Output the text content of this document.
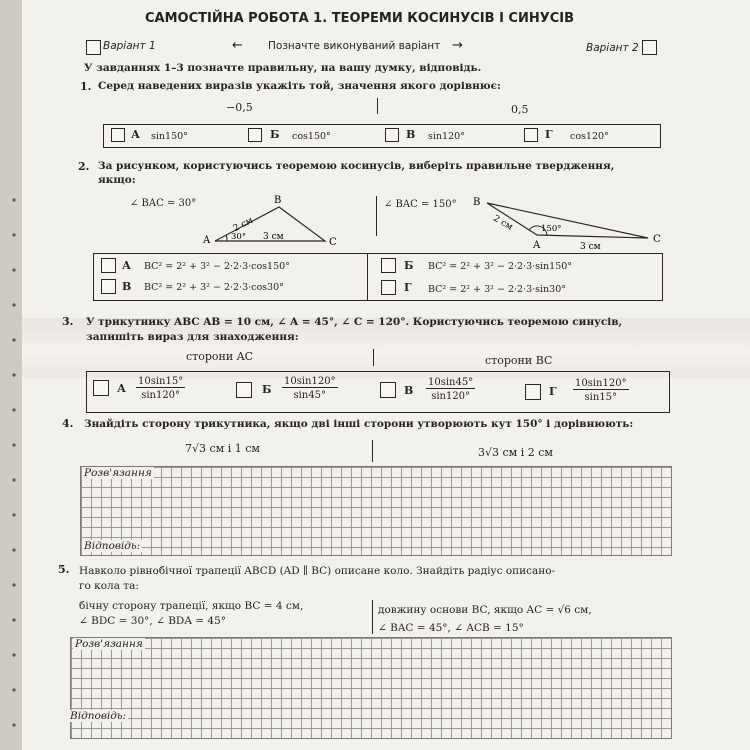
САМОСТІЙНА РОБОТА 1. ТЕОРЕМИ КОСИНУСІВ І СИНУСІВ
Варіант 1	← Позначте виконуваний варіант →	Варіант 2
У завданнях 1–3 позначте правильну, на вашу думку, відповідь.
1. Серед наведених виразів укажіть той, значення якого дорівнює:
−0,5	0,5
А sin150°	Б cos150°	В sin120°	Г cos120°
2. За рисунком, користуючись теоремою косинусів, виберіть правильне твердження,
якщо:
∠ BAC = 30°	∠ BAC = 150°
A
B
C
2 см
3 см
30°
B
A
C
2 см
3 см
150°
А BC² = 2² + 3² − 2·2·3·cos150°	Б BC² = 2² + 3² − 2·2·3·sin150°
В BC² = 2² + 3² − 2·2·3·cos30°	Г BC² = 2² + 3² − 2·2·3·sin30°
3. У трикутнику ABC AB = 10 см, ∠ A = 45°, ∠ C = 120°. Користуючись теоремою синусів,
запишіть вираз для знаходження:
сторони AC	сторони BC
А $\frac{10\sin 15^\circ}{\sin 120^\circ}$	Б $\frac{10\sin 120^\circ}{\sin 45^\circ}$	В $\frac{10\sin 45^\circ}{\sin 120^\circ}$	Г $\frac{10\sin 120^\circ}{\sin 15^\circ}$
4. Знайдіть сторону трикутника, якщо дві інші сторони утворюють кут 150° і дорівнюють:
7√3 см і 1 см	3√3 см і 2 см
Розв'язання
Відповідь:
5. Навколо рівнобічної трапеції ABCD (AD ∥ BC) описане коло. Знайдіть радіус описано-
го кола та:
бічну сторону трапеції, якщо BC = 4 см,
∠ BDC = 30°, ∠ BDA = 45°
довжину основи BC, якщо AC = √6 см,
∠ BAC = 45°, ∠ ACB = 15°
Розв'язання
Відповідь:
